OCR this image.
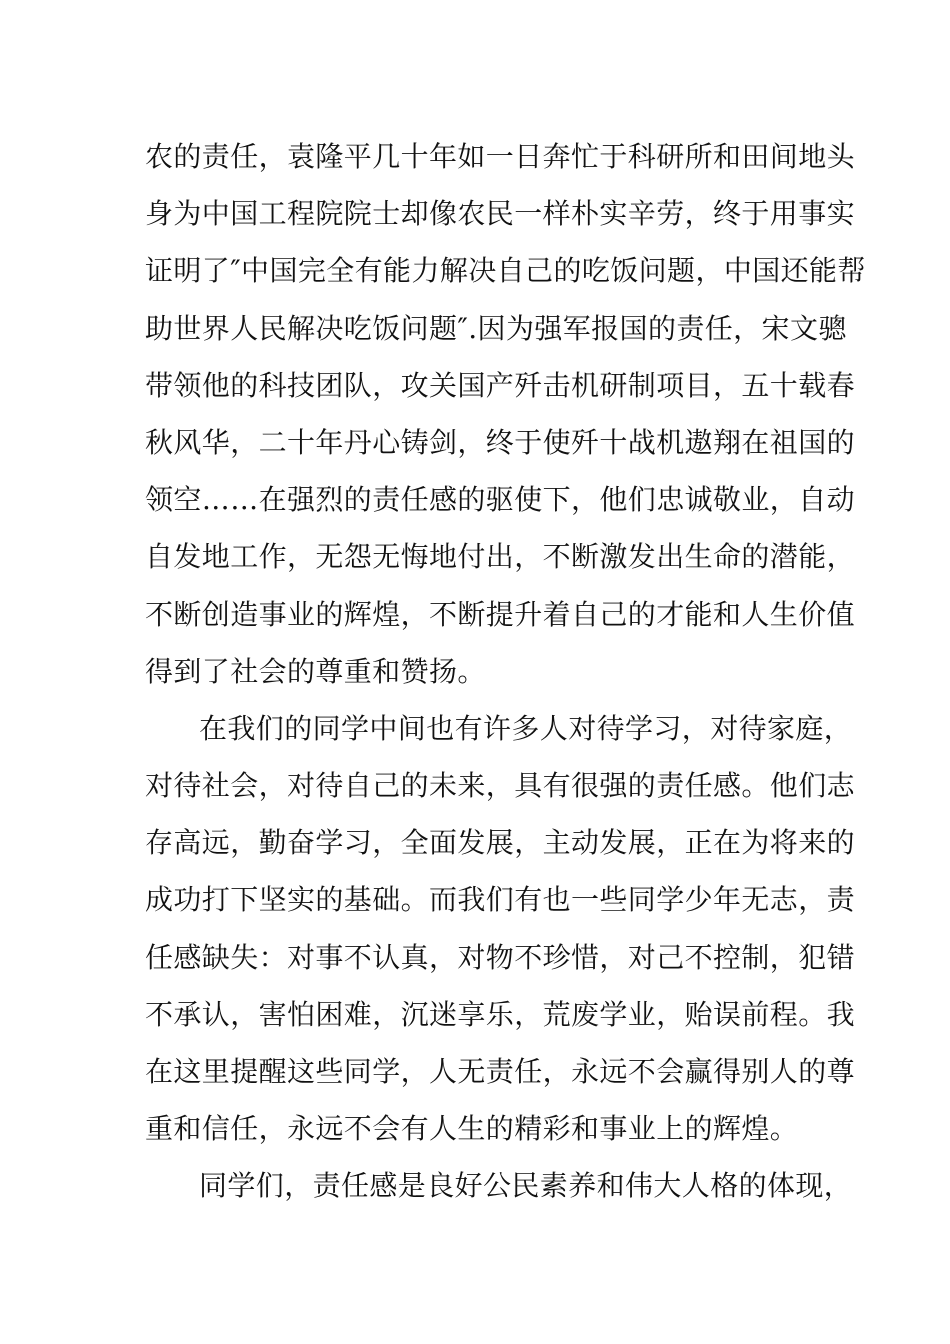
农的责任，袁隆平几十年如一日奔忙于科研所和田间地头
身为中国工程院院士却像农民一样朴实辛劳，终于用事实
证明了″中国完全有能力解决自己的吃饭问题，中国还能帮
助世界人民解决吃饭问题″.因为强军报国的责任，宋文骢
带领他的科技团队，攻关国产歼击机研制项目，五十载春
秋风华，二十年丹心铸剑，终于使歼十战机遨翔在祖国的
领空……在强烈的责任感的驱使下，他们忠诚敬业，自动
自发地工作，无怨无悔地付出，不断激发出生命的潜能，
不断创造事业的辉煌，不断提升着自己的才能和人生价值
得到了社会的尊重和赞扬。
在我们的同学中间也有许多人对待学习，对待家庭，
对待社会，对待自己的未来，具有很强的责任感。他们志
存高远，勤奋学习，全面发展，主动发展，正在为将来的
成功打下坚实的基础。而我们有也一些同学少年无志，责
任感缺失：对事不认真，对物不珍惜，对己不控制，犯错
不承认，害怕困难，沉迷享乐，荒废学业，贻误前程。我
在这里提醒这些同学，人无责任，永远不会赢得别人的尊
重和信任，永远不会有人生的精彩和事业上的辉煌。
同学们，责任感是良好公民素养和伟大人格的体现，
